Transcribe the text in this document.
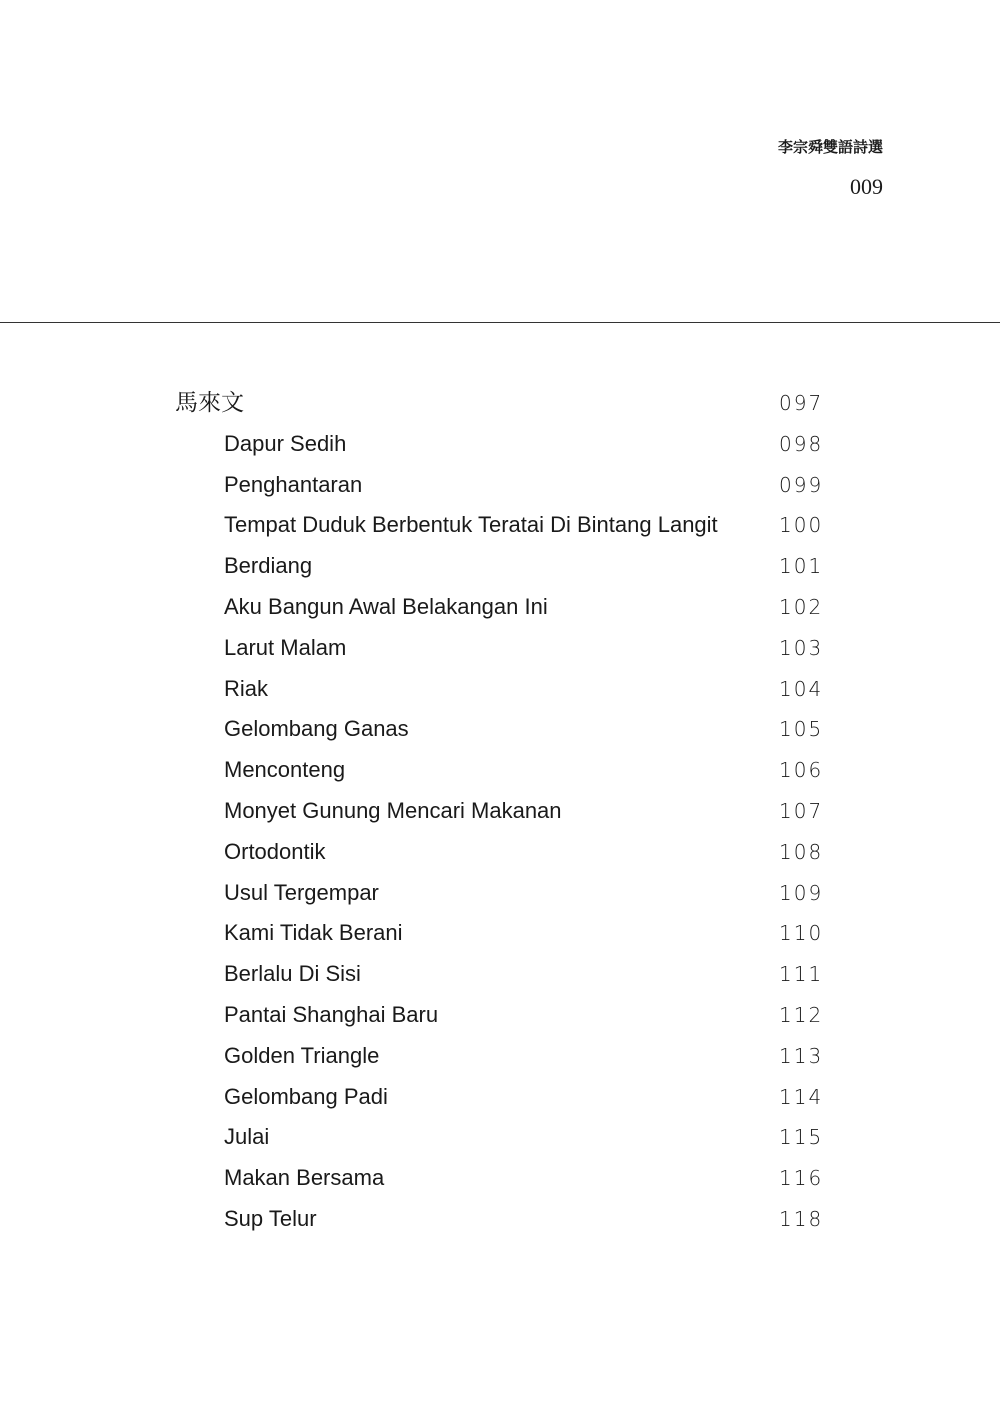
李宗舜雙語詩選
009
馬來文	097
Dapur Sedih	098
Penghantaran	099
Tempat Duduk Berbentuk Teratai Di Bintang Langit	100
Berdiang	101
Aku Bangun Awal Belakangan Ini	102
Larut Malam	103
Riak	104
Gelombang Ganas	105
Menconteng	106
Monyet Gunung Mencari Makanan	107
Ortodontik	108
Usul Tergempar	109
Kami Tidak Berani	110
Berlalu Di Sisi	111
Pantai Shanghai Baru	112
Golden Triangle	113
Gelombang Padi	114
Julai	115
Makan Bersama	116
Sup Telur	118
